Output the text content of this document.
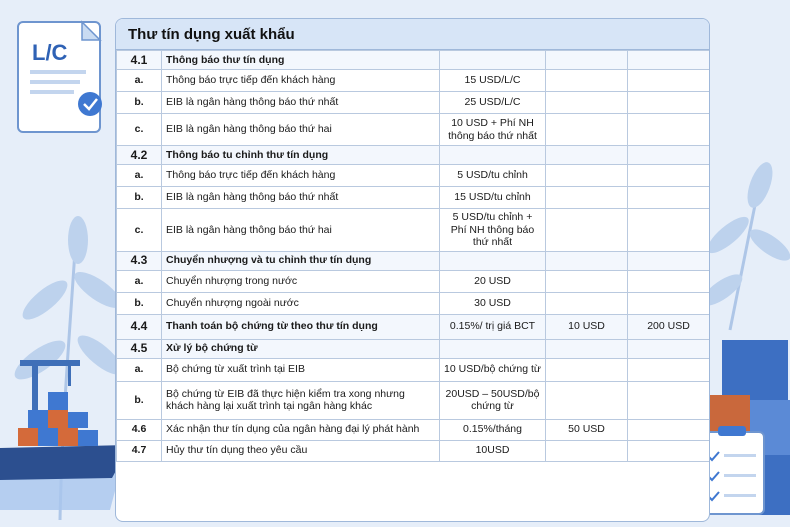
L/C
Thư tín dụng xuất khẩu
4.1	Thông báo thư tín dụng			
a.	Thông báo trực tiếp đến khách hàng	15 USD/L/C		
b.	EIB là ngân hàng thông báo thứ nhất	25 USD/L/C		
c.	EIB là ngân hàng thông báo thứ hai	10 USD + Phí NH thông báo thứ nhất		
4.2	Thông báo tu chỉnh thư tín dụng			
a.	Thông báo trực tiếp đến khách hàng	5 USD/tu chỉnh		
b.	EIB là ngân hàng thông báo thứ nhất	15 USD/tu chỉnh		
c.	EIB là ngân hàng thông báo thứ hai	5 USD/tu chỉnh + Phí NH thông báo thứ nhất		
4.3	Chuyển nhượng và tu chỉnh thư tín dụng			
a.	Chuyển nhượng trong nước	20 USD		
b.	Chuyển nhượng ngoài nước	30 USD		
4.4	Thanh toán bộ chứng từ theo thư tín dụng	0.15%/ trị giá BCT	10 USD	200 USD
4.5	Xử lý bộ chứng từ			
a.	Bộ chứng từ xuất trình tại EIB	10 USD/bộ chứng từ		
b.	Bộ chứng từ EIB đã thực hiện kiểm tra xong nhưng khách hàng lại xuất trình tại ngân hàng khác	20USD – 50USD/bộ chứng từ		
4.6	Xác nhận thư tín dụng của ngân hàng đại lý phát hành	0.15%/tháng	50 USD	
4.7	Hủy thư tín dụng theo yêu cầu	10USD		
